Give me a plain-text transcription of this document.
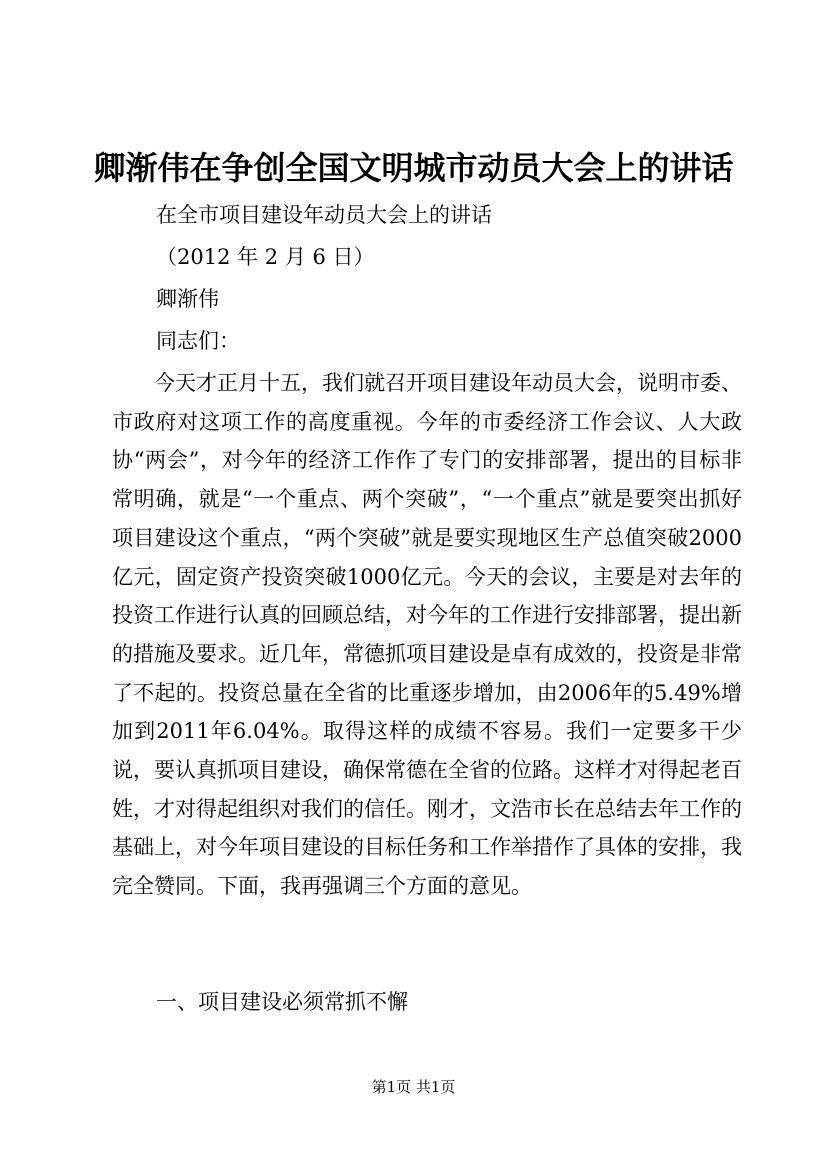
卿渐伟在争创全国文明城市动员大会上的讲话
在全市项目建设年动员大会上的讲话
（2012 年 2 月 6 日）
卿渐伟
同志们：

今天才正月十五，我们就召开项目建设年动员大会，说明市委、市政府对这项工作的高度重视。今年的市委经济工作会议、人大政协“两会”，对今年的经济工作作了专门的安排部署，提出的目标非常明确，就是“一个重点、两个突破”，“一个重点”就是要突出抓好项目建设这个重点，“两个突破”就是要实现地区生产总值突破2000亿元，固定资产投资突破1000亿元。今天的会议，主要是对去年的投资工作进行认真的回顾总结，对今年的工作进行安排部署，提出新的措施及要求。近几年，常德抓项目建设是卓有成效的，投资是非常了不起的。投资总量在全省的比重逐步增加，由2006年的5.49%增加到2011年6.04%。取得这样的成绩不容易。我们一定要多干少说，要认真抓项目建设，确保常德在全省的位路。这样才对得起老百姓，才对得起组织对我们的信任。刚才，文浩市长在总结去年工作的基础上，对今年项目建设的目标任务和工作举措作了具体的安排，我完全赞同。下面，我再强调三个方面的意见。

一、项目建设必须常抓不懈
第1页 共1页
